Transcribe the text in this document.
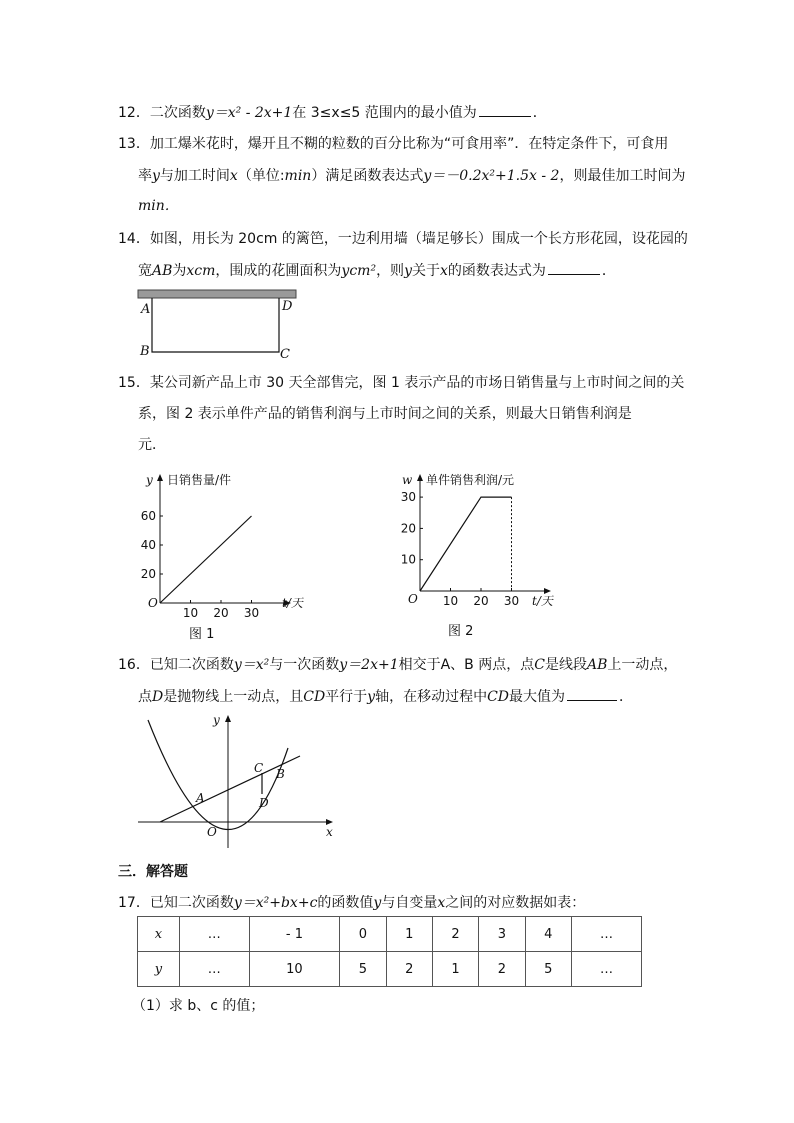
12．二次函数y＝x² - 2x+1在 3≤x≤5 范围内的最小值为	．
13．加工爆米花时，爆开且不糊的粒数的百分比称为“可食用率”．在特定条件下，可食用
率y与加工时间x（单位:min）满足函数表达式y＝－0.2x²+1.5x - 2，则最佳加工时间为
min．
14．如图，用长为 20cm 的篱笆，一边利用墙（墙足够长）围成一个长方形花园，设花园的
宽AB为xcm，围成的花圃面积为ycm²，则y关于x的函数表达式为	．
A	D
B	C
15．某公司新产品上市 30 天全部售完，图 1 表示产品的市场日销售量与上市时间之间的关
系，图 2 表示单件产品的销售利润与上市时间之间的关系，则最大日销售利润是
元．
y 日销售量/件
O	t/天
10 20 30
20
40
60
图 1
w 单件销售利润/元
O	t/天
10 20 30
10
20
30
图 2
16．已知二次函数y＝x²与一次函数y＝2x+1相交于A、B 两点，点C是线段AB上一动点，
点D是抛物线上一动点，且CD平行于y轴，在移动过程中CD最大值为	．
y
x
O
A
B
C
D
三．解答题
17．已知二次函数y＝x²+bx+c的函数值y与自变量x之间的对应数据如表：
x	…	- 1	0	1	2	3	4	…
y	…	10	5	2	1	2	5	…
（1）求 b、c 的值；
